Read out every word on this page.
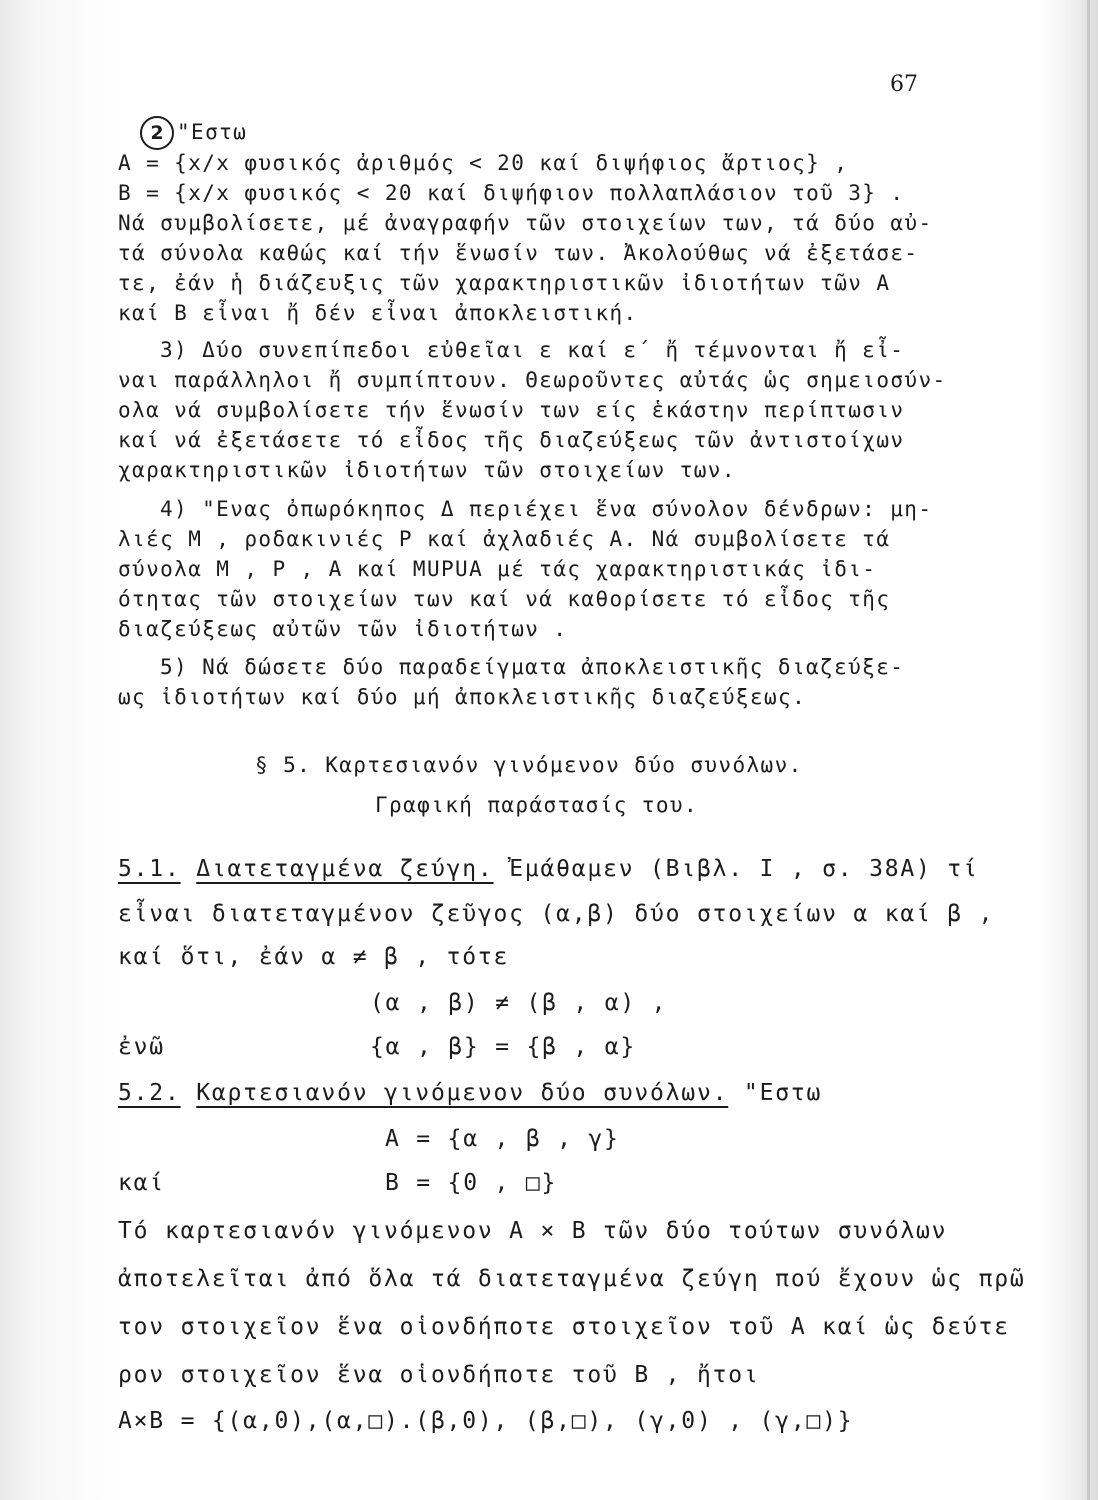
67
2 "Εστω
A = {x/x φυσικός ἀριθμός < 20 καί διψήφιος ἄρτιος} ,
B = {x/x φυσικός < 20 καί διψήφιον πολλαπλάσιον τοῦ 3} .
Νά συμβολίσετε, μέ ἀναγραφήν τῶν στοιχείων των, τά δύο αὐ-
τά σύνολα καθώς καί τήν ἕνωσίν των. Ἀκολούθως νά ἐξετάσε-
τε, ἐάν ἡ διάζευξις τῶν χαρακτηριστικῶν ἰδιοτήτων τῶν A
καί B εἶναι ἤ δέν εἶναι ἀποκλειστική.
3) Δύο συνεπίπεδοι εὐθεῖαι ε καί ε΄ ἤ τέμνονται ἤ εἶ-
ναι παράλληλοι ἤ συμπίπτουν. Θεωροῦντες αὐτάς ὡς σημειοσύν-
ολα νά συμβολίσετε τήν ἕνωσίν των είς ἑκάστην περίπτωσιν
καί νά ἐξετάσετε τό εἶδος τῆς διαζεύξεως τῶν ἀντιστοίχων
χαρακτηριστικῶν ἰδιοτήτων τῶν στοιχείων των.
4) "Ενας ὀπωρόκηπος Δ περιέχει ἕνα σύνολον δένδρων: μη-
λιές M , ροδακινιές P καί ἀχλαδιές A. Νά συμβολίσετε τά
σύνολα M , P , A καί MUPUA μέ τάς χαρακτηριστικάς ἰδι-
ότητας τῶν στοιχείων των καί νά καθορίσετε τό εἶδος τῆς
διαζεύξεως αὐτῶν τῶν ἰδιοτήτων .
5) Νά δώσετε δύο παραδείγματα ἀποκλειστικῆς διαζεύξε-
ως ἰδιοτήτων καί δύο μή ἀποκλειστικῆς διαζεύξεως.
§ 5. Καρτεσιανόν γινόμενον δύο συνόλων.
Γραφική παράστασίς του.
5.1. Διατεταγμένα ζεύγη. Ἐμάθαμεν (Βιβλ. I , σ. 38A) τί
εἶναι διατεταγμένον ζεῦγος (α,β) δύο στοιχείων α καί β ,
καί ὅτι, ἐάν α ≠ β , τότε
(α , β) ≠ (β , α) ,
ἐνῶ	{α , β} = {β , α}
5.2. Καρτεσιανόν γινόμενον δύο συνόλων. "Εστω
A = {α , β , γ}
καί	B = {0 , □}
Τό καρτεσιανόν γινόμενον A × B τῶν δύο τούτων συνόλων
ἀποτελεῖται ἀπό ὅλα τά διατεταγμένα ζεύγη πού ἔχουν ὡς πρῶ
τον στοιχεῖον ἕνα οἱονδήποτε στοιχεῖον τοῦ A καί ὡς δεύτε
ρον στοιχεῖον ἕνα οἱονδήποτε τοῦ B , ἤτοι
A×B = {(α,0),(α,□).(β,0), (β,□), (γ,0) , (γ,□)}
